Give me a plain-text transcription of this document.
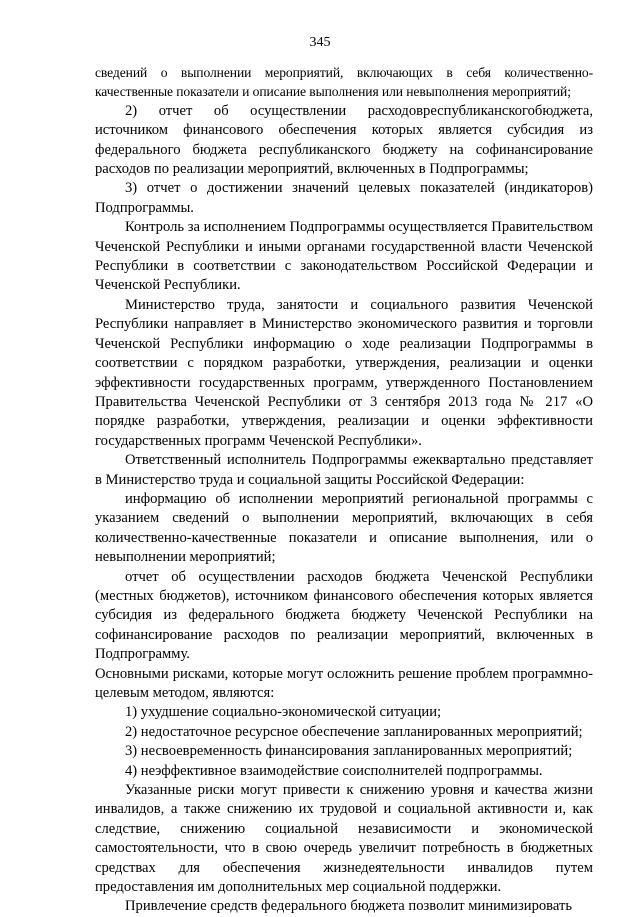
345

сведений о выполнении мероприятий, включающих в себя количественно-качественные показатели и описание выполнения или невыполнения мероприятий;

2) отчет об осуществлении расходовреспубликанскогобюджета, источником финансового обеспечения которых является субсидия из федерального бюджета республиканского бюджету на софинансирование расходов по реализации мероприятий, включенных в Подпрограммы;

3) отчет о достижении значений целевых показателей (индикаторов) Подпрограммы.

Контроль за исполнением Подпрограммы осуществляется Правительством Чеченской Республики и иными органами государственной власти Чеченской Республики в соответствии с законодательством Российской Федерации и Чеченской Республики.

Министерство труда, занятости и социального развития Чеченской Республики направляет в Министерство экономического развития и торговли Чеченской Республики информацию о ходе реализации Подпрограммы в соответствии с порядком разработки, утверждения, реализации и оценки эффективности государственных программ, утвержденного Постановлением Правительства Чеченской Республики от 3 сентября 2013 года № 217 «О порядке разработки, утверждения, реализации и оценки эффективности государственных программ Чеченской Республики».

Ответственный исполнитель Подпрограммы ежеквартально представляет в Министерство труда и социальной защиты Российской Федерации:

информацию об исполнении мероприятий региональной программы с указанием сведений о выполнении мероприятий, включающих в себя количественно-качественные показатели и описание выполнения, или о невыполнении мероприятий;

отчет об осуществлении расходов бюджета Чеченской Республики (местных бюджетов), источником финансового обеспечения которых является субсидия из федерального бюджета бюджету Чеченской Республики на софинансирование расходов по реализации мероприятий, включенных в Подпрограмму.

Основными рисками, которые могут осложнить решение проблем программно-целевым методом, являются:

1) ухудшение социально-экономической ситуации;

2) недостаточное ресурсное обеспечение запланированных мероприятий;

3) несвоевременность финансирования запланированных мероприятий;

4) неэффективное взаимодействие соисполнителей подпрограммы.

Указанные риски могут привести к снижению уровня и качества жизни инвалидов, а также снижению их трудовой и социальной активности и, как следствие, снижению социальной независимости и экономической самостоятельности, что в свою очередь увеличит потребность в бюджетных средствах для обеспечения жизнедеятельности инвалидов путем предоставления им дополнительных мер социальной поддержки.

Привлечение средств федерального бюджета позволит минимизировать
